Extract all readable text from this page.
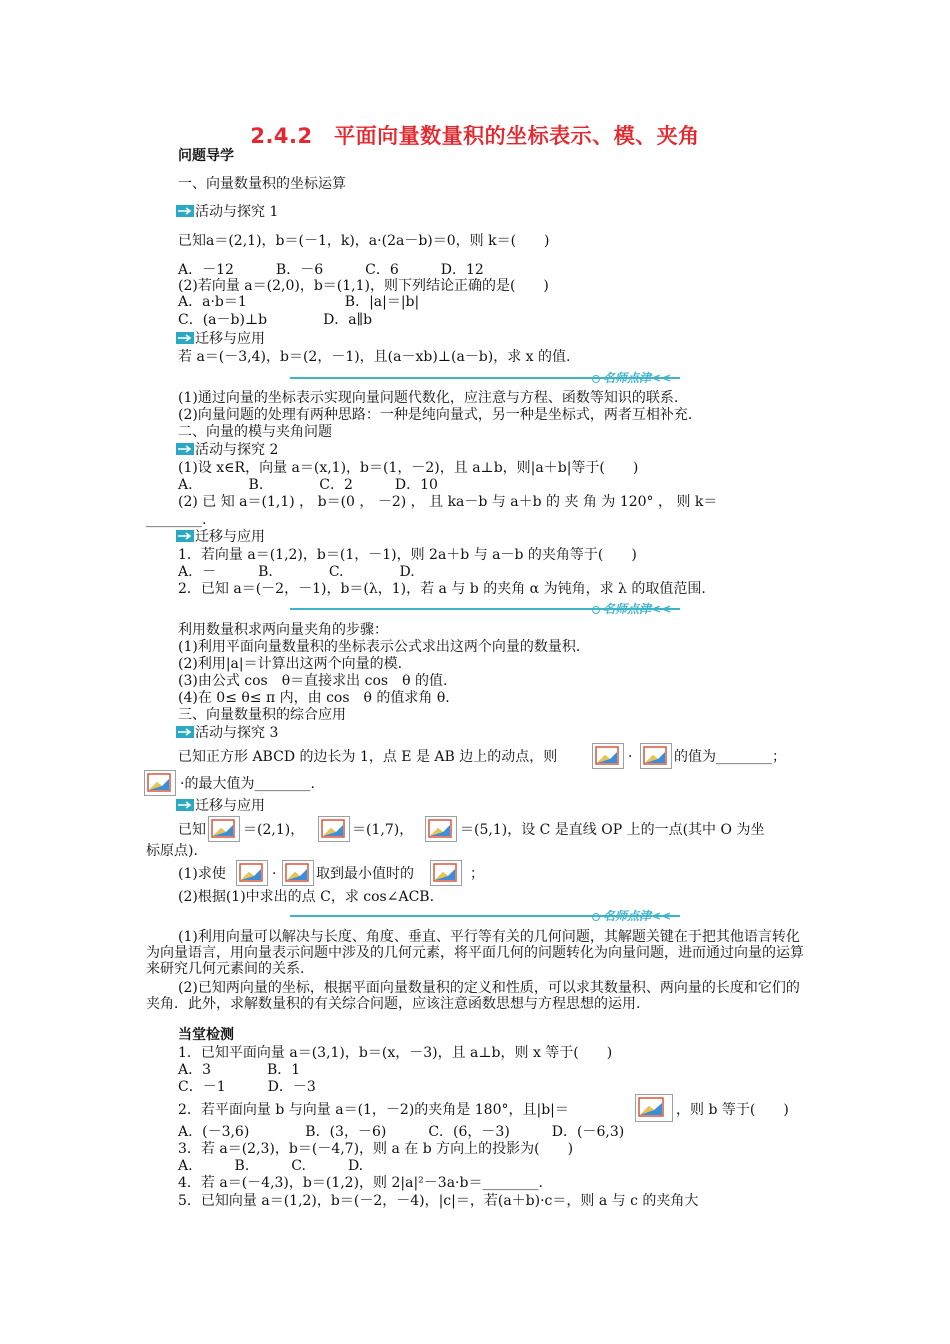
2.4.2　平面向量数量积的坐标表示、模、夹角
问题导学
一、向量数量积的坐标运算
活动与探究 1
已知a＝(2,1)，b＝(－1，k)，a·(2a－b)＝0，则 k＝(　　)
A．－12　　　B．－6　　　C．6　　　D．12
(2)若向量 a＝(2,0)，b＝(1,1)，则下列结论正确的是(　　)
A．a·b＝1　　　　　　　B．|a|＝|b|
C．(a－b)⊥b　　　　D．a∥b
迁移与应用
若 a＝(－3,4)，b＝(2，－1)，且(a－xb)⊥(a－b)，求 x 的值.
名师点津<<
(1)通过向量的坐标表示实现向量问题代数化，应注意与方程、函数等知识的联系.
(2)向量问题的处理有两种思路：一种是纯向量式，另一种是坐标式，两者互相补充.
二、向量的模与夹角问题
活动与探究 2
(1)设 x∈R，向量 a＝(x,1)，b＝(1，－2)，且 a⊥b，则|a＋b|等于(　　)
A.　　　　B.　　　　C．2　　　D．10
(2) 已 知 a＝(1,1) ， b＝(0 ， －2) ， 且 ka－b 与 a＋b 的 夹 角 为 120° ， 则 k＝
________.
迁移与应用
1．若向量 a＝(1,2)，b＝(1，－1)，则 2a＋b 与 a－b 的夹角等于(　　)
A．－　　　B.　　　　C.　　　　D.
2．已知 a＝(－2，－1)，b＝(λ，1)，若 a 与 b 的夹角 α 为钝角，求 λ 的取值范围.
名师点津<<
利用数量积求两向量夹角的步骤：
(1)利用平面向量数量积的坐标表示公式求出这两个向量的数量积.
(2)利用|a|＝计算出这两个向量的模.
(3)由公式 cos　θ＝直接求出 cos　θ 的值.
(4)在 0≤ θ≤ π 内，由 cos　θ 的值求角 θ.
三、向量数量积的综合应用
活动与探究 3
已知正方形 ABCD 的边长为 1，点 E 是 AB 边上的动点，则	·	的值为________；
·的最大值为________.
迁移与应用
已知	＝(2,1)，	＝(1,7)，	＝(5,1)，设 C 是直线 OP 上的一点(其中 O 为坐
标原点).
(1)求使	·	取到最小值时的	；
(2)根据(1)中求出的点 C，求 cos∠ACB.
名师点津<<
(1)利用向量可以解决与长度、角度、垂直、平行等有关的几何问题，其解题关键在于把其他语言转化为向量语言，用向量表示问题中涉及的几何元素，将平面几何的问题转化为向量问题，进而通过向量的运算来研究几何元素间的关系.
(2)已知两向量的坐标，根据平面向量数量积的定义和性质，可以求其数量积、两向量的长度和它们的夹角．此外，求解数量积的有关综合问题，应该注意函数思想与方程思想的运用.
当堂检测
1．已知平面向量 a＝(3,1)，b＝(x，－3)，且 a⊥b，则 x 等于(　　)
A．3　　　　B．1
C．－1　　　D．－3
2．若平面向量 b 与向量 a＝(1，－2)的夹角是 180°，且|b|＝	，则 b 等于(　　)
A．(－3,6)　　　　B．(3，－6)　　　C．(6，－3)　　　D．(－6,3)
3．若 a＝(2,3)，b＝(－4,7)，则 a 在 b 方向上的投影为(　　)
A.　　　B.　　　C.　　　D.
4．若 a＝(－4,3)，b＝(1,2)，则 2|a|²－3a·b＝________.
5．已知向量 a＝(1,2)，b＝(－2，－4)，|c|＝，若(a＋b)·c＝，则 a 与 c 的夹角大
